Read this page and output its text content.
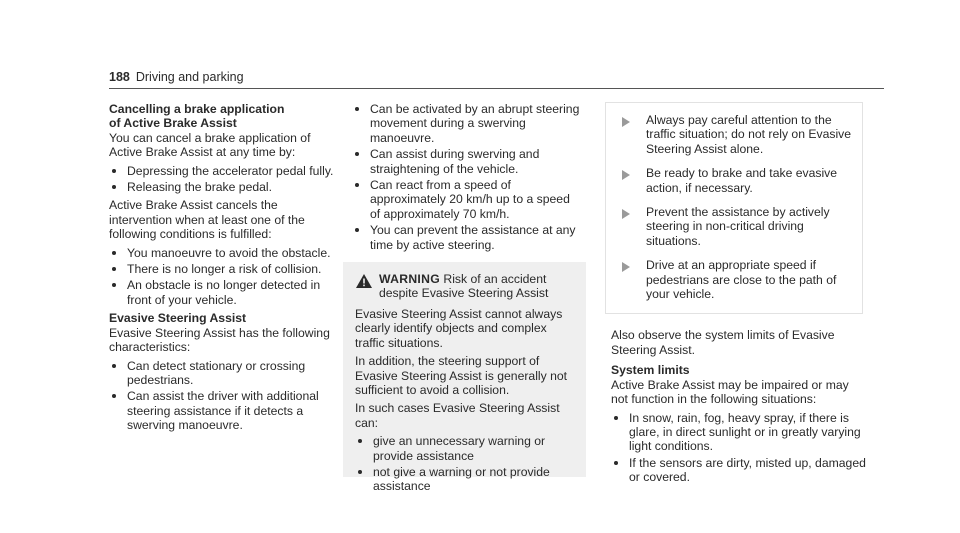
188 Driving and parking

Cancelling a brake application of Active Brake Assist

You can cancel a brake application of Active Brake Assist at any time by:

Depressing the accelerator pedal fully.
Releasing the brake pedal.

Active Brake Assist cancels the intervention when at least one of the following conditions is fulfilled:

You manoeuvre to avoid the obstacle.
There is no longer a risk of collision.
An obstacle is no longer detected in front of your vehicle.

Evasive Steering Assist

Evasive Steering Assist has the following characteristics:

Can detect stationary or crossing pedestrians.
Can assist the driver with additional steering assistance if it detects a swerving manoeuvre.
Can be activated by an abrupt steering movement during a swerving manoeuvre.
Can assist during swerving and straightening of the vehicle.
Can react from a speed of approximately 20 km/h up to a speed of approximately 70 km/h.
You can prevent the assistance at any time by active steering.
WARNING Risk of an accident despite Evasive Steering Assist

Evasive Steering Assist cannot always clearly identify objects and complex traffic situations.

In addition, the steering support of Evasive Steering Assist is generally not sufficient to avoid a collision.

In such cases Evasive Steering Assist can:

give an unnecessary warning or provide assistance
not give a warning or not provide assistance
Always pay careful attention to the traffic situation; do not rely on Evasive Steering Assist alone.
Be ready to brake and take evasive action, if necessary.
Prevent the assistance by actively steering in non-critical driving situations.
Drive at an appropriate speed if pedestrians are close to the path of your vehicle.

Also observe the system limits of Evasive Steering Assist.

System limits

Active Brake Assist may be impaired or may not function in the following situations:

In snow, rain, fog, heavy spray, if there is glare, in direct sunlight or in greatly varying light conditions.
If the sensors are dirty, misted up, damaged or covered.
